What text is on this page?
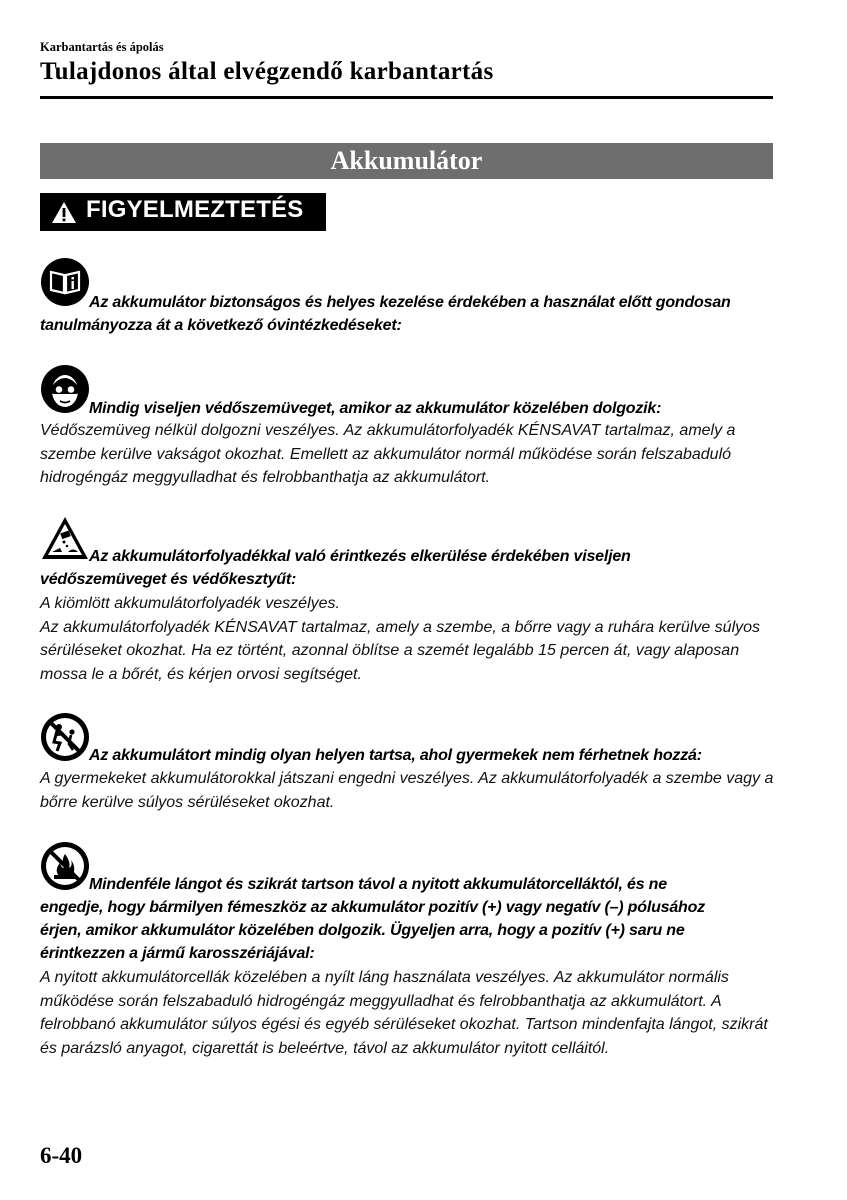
Karbantartás és ápolás
Tulajdonos által elvégzendő karbantartás
Akkumulátor
FIGYELMEZTETÉS
Az akkumulátor biztonságos és helyes kezelése érdekében a használat előtt gondosan
tanulmányozza át a következő óvintézkedéseket:
Mindig viseljen védőszemüveget, amikor az akkumulátor közelében dolgozik:
Védőszemüveg nélkül dolgozni veszélyes. Az akkumulátorfolyadék KÉNSAVAT tartalmaz, amely a szembe kerülve vakságot okozhat. Emellett az akkumulátor normál működése során felszabaduló hidrogéngáz meggyulladhat és felrobbanthatja az akkumulátort.
Az akkumulátorfolyadékkal való érintkezés elkerülése érdekében viseljen
védőszemüveget és védőkesztyűt:
A kiömlött akkumulátorfolyadék veszélyes.
Az akkumulátorfolyadék KÉNSAVAT tartalmaz, amely a szembe, a bőrre vagy a ruhára kerülve súlyos sérüléseket okozhat. Ha ez történt, azonnal öblítse a szemét legalább 15 percen át, vagy alaposan mossa le a bőrét, és kérjen orvosi segítséget.
Az akkumulátort mindig olyan helyen tartsa, ahol gyermekek nem férhetnek hozzá:
A gyermekeket akkumulátorokkal játszani engedni veszélyes. Az akkumulátorfolyadék a szembe vagy a bőrre kerülve súlyos sérüléseket okozhat.
Mindenféle lángot és szikrát tartson távol a nyitott akkumulátorcelláktól, és ne
engedje, hogy bármilyen fémeszköz az akkumulátor pozitív (+) vagy negatív (–) pólusához
érjen, amikor akkumulátor közelében dolgozik. Ügyeljen arra, hogy a pozitív (+) saru ne
érintkezzen a jármű karosszériájával:
A nyitott akkumulátorcellák közelében a nyílt láng használata veszélyes. Az akkumulátor normális működése során felszabaduló hidrogéngáz meggyulladhat és felrobbanthatja az akkumulátort. A felrobbanó akkumulátor súlyos égési és egyéb sérüléseket okozhat. Tartson mindenfajta lángot, szikrát és parázsló anyagot, cigarettát is beleértve, távol az akkumulátor nyitott celláitól.
6-40
